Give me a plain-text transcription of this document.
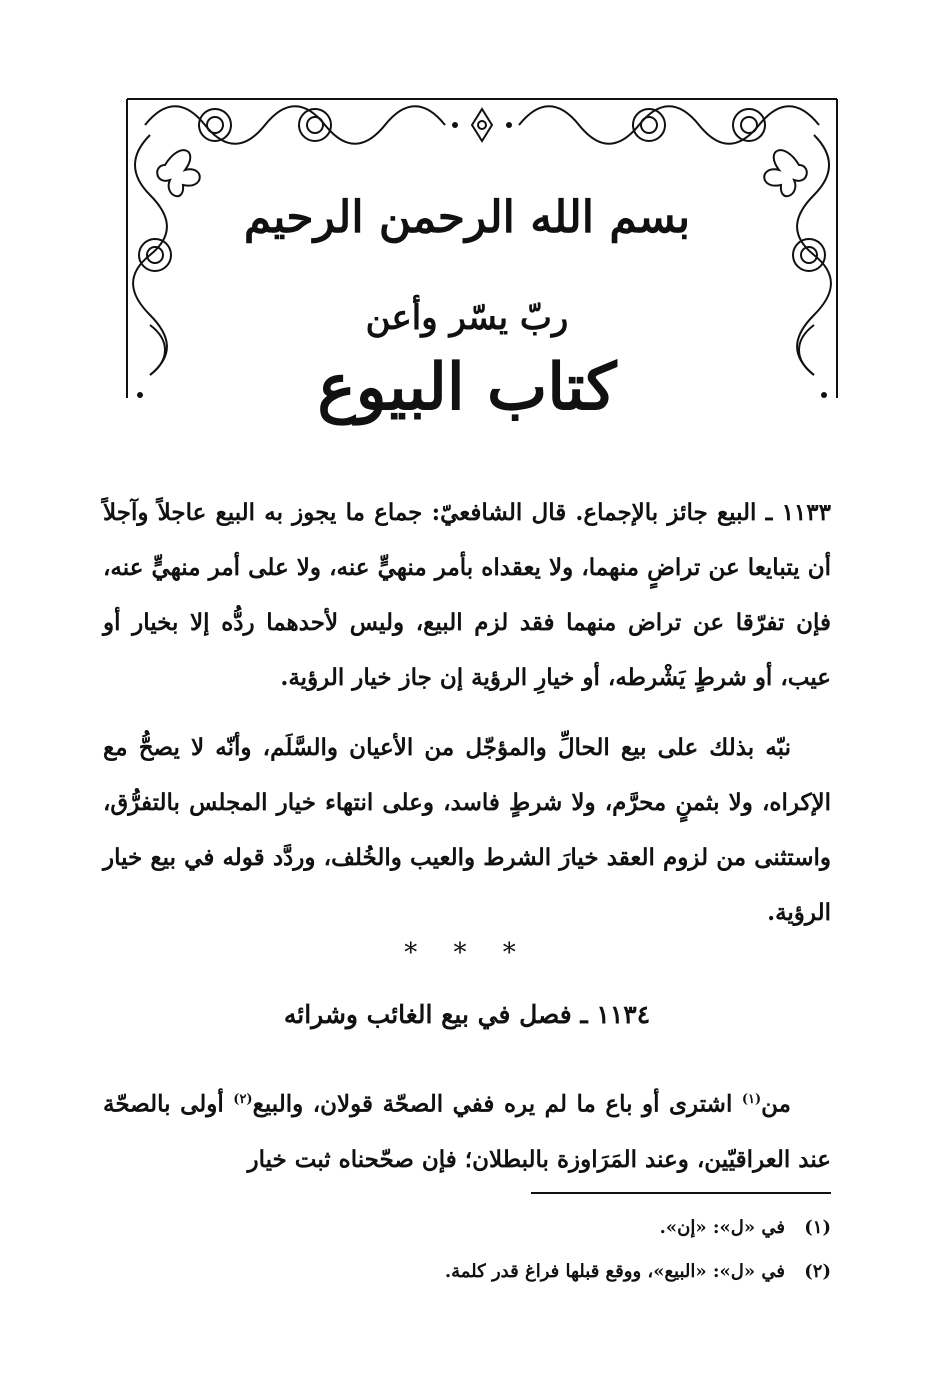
بسم الله الرحمن الرحيم
ربّ يسّر وأعن
كتاب البيوع

١١٣٣ ـ البيع جائز بالإجماع. قال الشافعيّ: جماع ما يجوز به البيع عاجلاً وآجلاً أن يتبايعا عن تراضٍ منهما، ولا يعقداه بأمر منهيٍّ عنه، ولا على أمر منهيٍّ عنه، فإن تفرّقا عن تراض منهما فقد لزم البيع، وليس لأحدهما ردُّه إلا بخيار أو عيب، أو شرطٍ يَشْرطه، أو خيارِ الرؤية إن جاز خيار الرؤية.

نبّه بذلك على بيع الحالِّ والمؤجّل من الأعيان والسَّلَم، وأنّه لا يصحُّ مع الإكراه، ولا بثمنٍ محرَّم، ولا شرطٍ فاسد، وعلى انتهاء خيار المجلس بالتفرُّق، واستثنى من لزوم العقد خيارَ الشرط والعيب والخُلف، وردَّد قوله في بيع خيار الرؤية.

* * *
١١٣٤ ـ فصل في بيع الغائب وشرائه

من$^{(١)}$ اشترى أو باع ما لم يره ففي الصحّة قولان، والبيع$^{(٢)}$ أولى بالصحّة عند العراقيّين، وعند المَرَاوزة بالبطلان؛ فإن صحّحناه ثبت خيار

(١)في «ل»: «إن».
(٢)في «ل»: «البيع»، ووقع قبلها فراغ قدر كلمة.
